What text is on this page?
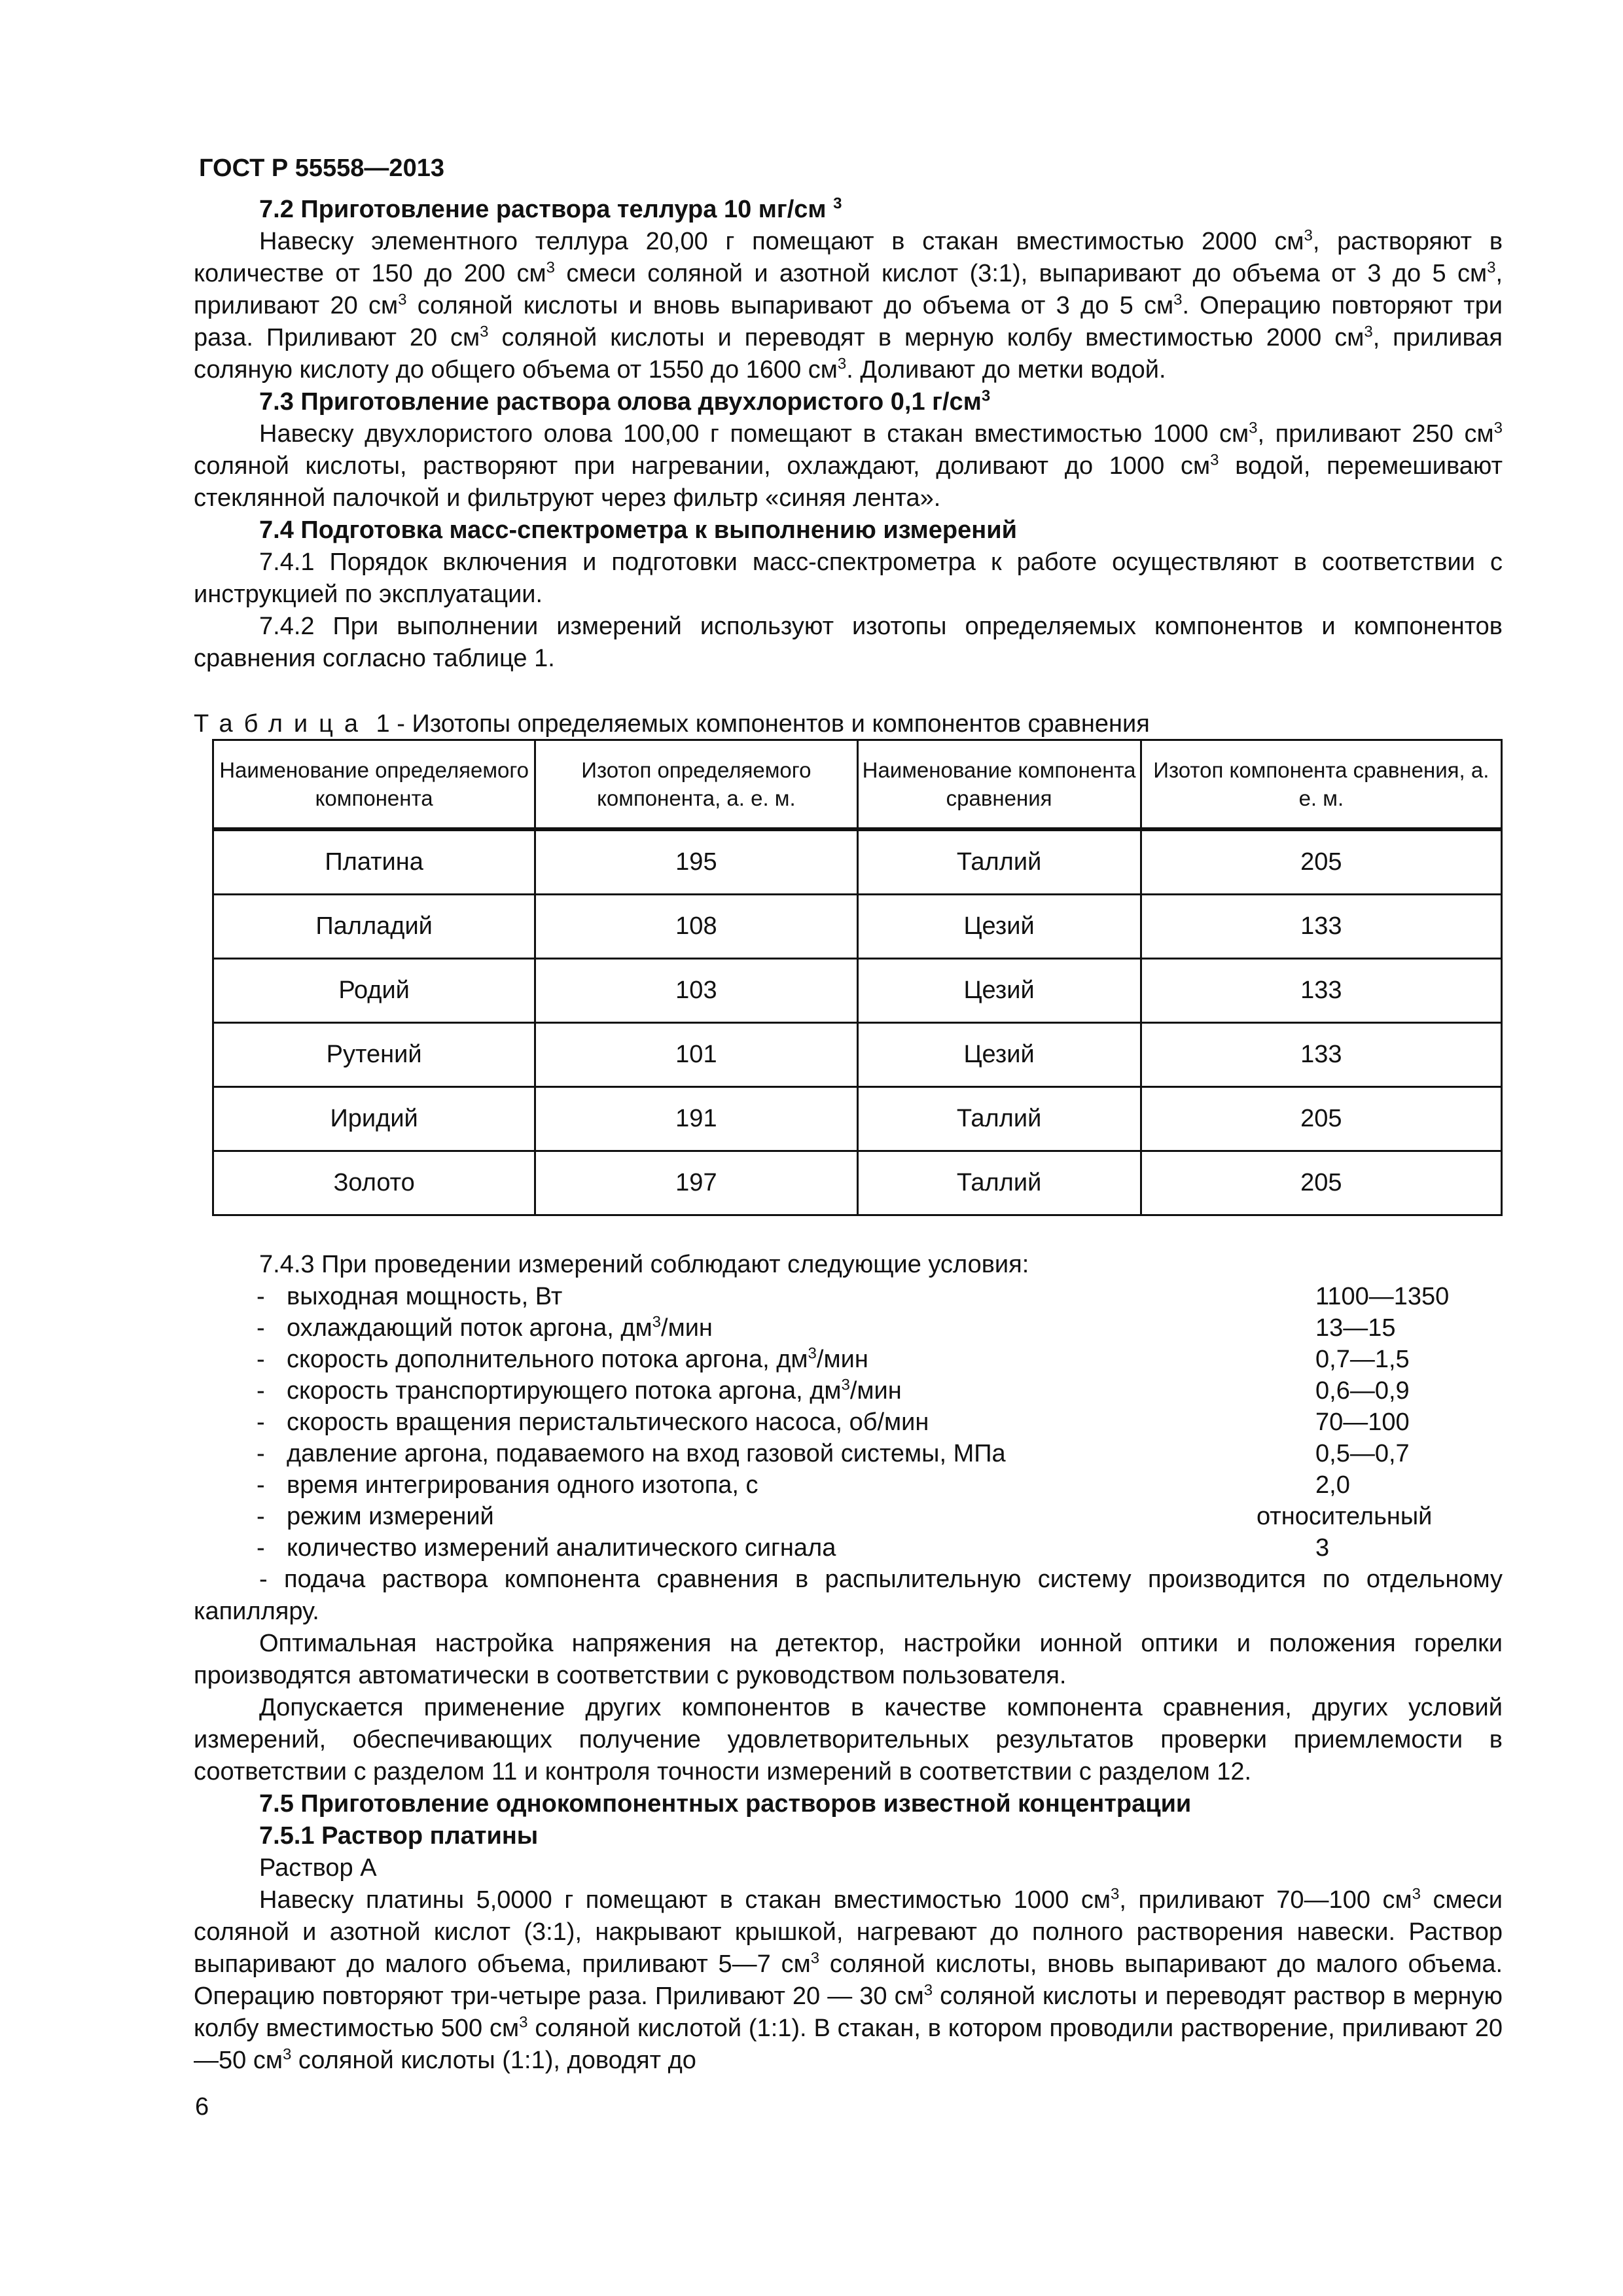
ГОСТ Р 55558—2013
7.2 Приготовление раствора теллура 10 мг/см $^3$

Навеску элементного теллура 20,00 г помещают в стакан вместимостью 2000 $см^3$, растворяют в количестве от 150 до 200 $см^3$ смеси соляной и азотной кислот (3:1), выпаривают до объема от 3 до 5 $см^3$, приливают 20 $см^3$ соляной кислоты и вновь выпаривают до объема от 3 до 5 $см^3$. Операцию повторяют три раза. Приливают 20 $см^3$ соляной кислоты и переводят в мерную колбу вместимостью 2000 $см^3$, приливая соляную кислоту до общего объема от 1550 до 1600 $см^3$. Доливают до метки водой.

7.3 Приготовление раствора олова двухлористого 0,1 $г/см^3$

Навеску двухлористого олова 100,00 г помещают в стакан вместимостью 1000 $см^3$, приливают 250 $см^3$ соляной кислоты, растворяют при нагревании, охлаждают, доливают до 1000 $см^3$ водой, перемешивают стеклянной палочкой и фильтруют через фильтр «синяя лента».

7.4 Подготовка масс-спектрометра к выполнению измерений

7.4.1 Порядок включения и подготовки масс-спектрометра к работе осуществляют в соответствии с инструкцией по эксплуатации.

7.4.2 При выполнении измерений используют изотопы определяемых компонентов и компонентов сравнения согласно таблице 1.

Таблица 1 - Изотопы определяемых компонентов и компонентов сравнения

Наименование определяемого компонента	Изотоп определяемого компонента, а. е. м.	Наименование компонента сравнения	Изотоп компонента сравнения, а. е. м.
Платина	195	Таллий	205
Палладий	108	Цезий	133
Родий	103	Цезий	133
Рутений	101	Цезий	133
Иридий	191	Таллий	205
Золото	197	Таллий	205

7.4.3 При проведении измерений соблюдают следующие условия:

- выходная мощность, Вт	1100—1350
- охлаждающий поток аргона, $дм^3$/мин	13—15
- скорость дополнительного потока аргона, $дм^3$/мин	0,7—1,5
- скорость транспортирующего потока аргона, $дм^3$/мин	0,6—0,9
- скорость вращения перистальтического насоса, об/мин	70—100
- давление аргона, подаваемого на вход газовой системы, МПа	0,5—0,7
- время интегрирования одного изотопа, с	2,0
- режим измерений	относительный
- количество измерений аналитического сигнала	3

- подача раствора компонента сравнения в распылительную систему производится по отдельному капилляру.

Оптимальная настройка напряжения на детектор, настройки ионной оптики и положения горелки производятся автоматически в соответствии с руководством пользователя.

Допускается применение других компонентов в качестве компонента сравнения, других условий измерений, обеспечивающих получение удовлетворительных результатов проверки приемлемости в соответствии с разделом 11 и контроля точности измерений в соответствии с разделом 12.

7.5 Приготовление однокомпонентных растворов известной концентрации
7.5.1 Раствор платины

Раствор А

Навеску платины 5,0000 г помещают в стакан вместимостью 1000 $см^3$, приливают 70—100 $см^3$ смеси соляной и азотной кислот (3:1), накрывают крышкой, нагревают до полного растворения навески. Раствор выпаривают до малого объема, приливают 5—7 $см^3$ соляной кислоты, вновь выпаривают до малого объема. Операцию повторяют три-четыре раза. Приливают 20 — 30 $см^3$ соляной кислоты и переводят раствор в мерную колбу вместимостью 500 $см^3$ соляной кислотой (1:1). В стакан, в котором проводили растворение, приливают 20—50 $см^3$ соляной кислоты (1:1), доводят до

6
